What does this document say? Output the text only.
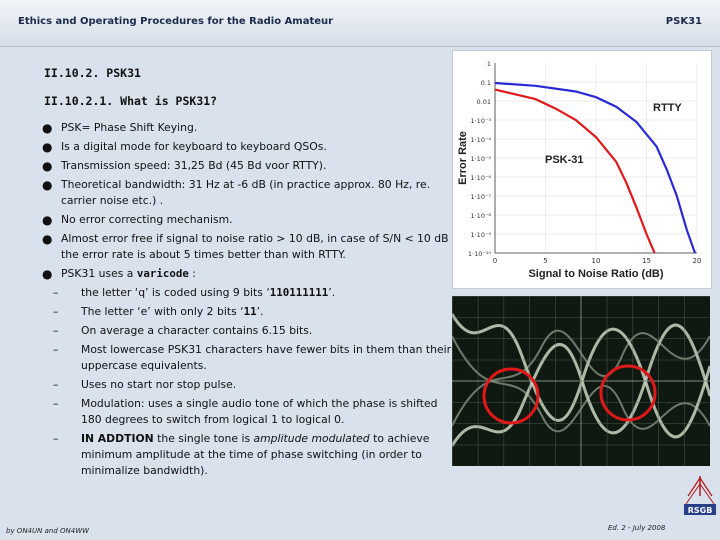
Ethics and Operating Procedures for the Radio Amateur	PSK31
II.10.2. PSK31
II.10.2.1. What is PSK31?
● PSK= Phase Shift Keying.
● Is a digital mode for keyboard to keyboard QSOs.
● Transmission speed: 31,25 Bd (45 Bd voor RTTY).
● Theoretical bandwidth: 31 Hz at -6 dB (in practice approx. 80 Hz, re. carrier noise etc.) .
● No error correcting mechanism.
● Almost error free if signal to noise ratio > 10 dB, in case of S/N < 10 dB the error rate is about 5 times better than with RTTY.
● PSK31 uses a varicode :
– the letter ‘q’ is coded using 9 bits ‘110111111’.
– The letter ‘e’ with only 2 bits ‘11’.
– On average a character contains 6.15 bits.
– Most lowercase PSK31 characters have fewer bits in them than their uppercase equivalents.
– Uses no start nor stop pulse.
– Modulation: uses a single audio tone of which the phase is shifted 180 degrees to switch from logical 1 to logical 0.
– IN ADDTION the single tone is amplitude modulated to achieve minimum amplitude at the time of phase switching (in order to minimalize bandwidth).
0.1
0.01
1·10⁻³
1·10⁻⁴
1·10⁻⁵
1·10⁻⁶
1·10⁻⁷
1·10⁻⁸
1·10⁻⁹
1·10⁻¹⁰
1
0	5	10	15	20
RTTY
PSK-31
Error Rate
Signal to Noise Ratio (dB)
by ON4UN and ON4WW	Ed. 2 - July 2008
RSGB
